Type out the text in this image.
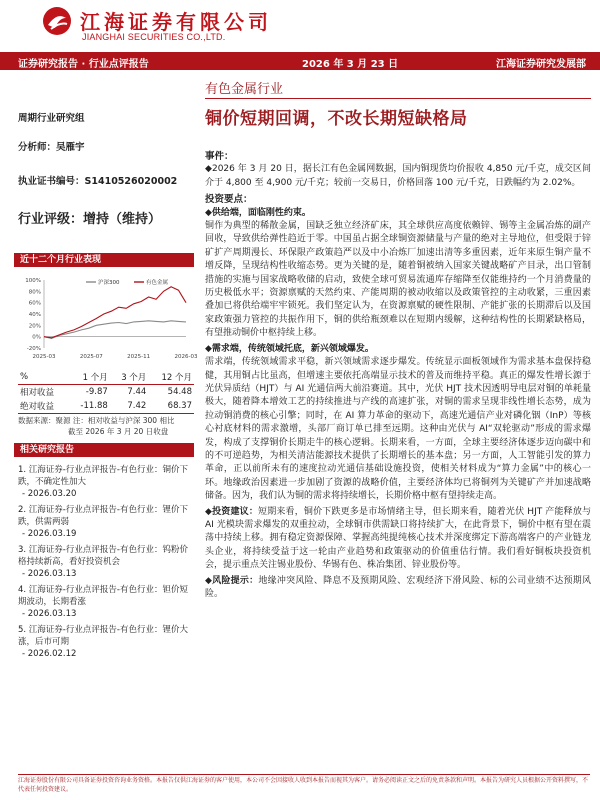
江海证券有限公司
JIANGHAI SECURITIES CO.,LTD.
证券研究报告 · 行业点评报告	2026 年 3 月 23 日	江海证券研究发展部
有色金属行业
铜价短期回调，不改长期短缺格局
周期行业研究组
分析师：吴雁宇
执业证书编号：S1410526020002
行业评级：增持（维持）
近十二个月行业表现
100%
80%
60%
40%
20%
0%
-20%
2025-03	2025-07	2025-11	2026-03
沪深300	有色金属
%	1 个月	3 个月	12 个月
相对收益	-9.87	7.44	54.48
绝对收益	-11.88	7.42	68.37
数据来源：聚源 注：相对收益与沪深 300 相比
截至 2026 年 3 月 20 日收盘
相关研究报告
1. 江海证券-行业点评报告-有色行业：铜价下跌，不确定性加大
- 2026.03.20
2. 江海证券-行业点评报告-有色行业：锂价下跌，供需两弱
- 2026.03.19
3. 江海证券-行业点评报告-有色行业：钨粉价格持续新高，看好投资机会
- 2026.03.13
4. 江海证券-行业点评报告-有色行业：钽价短期波动，长期看涨
- 2026.03.13
5. 江海证券-行业点评报告-有色行业：锂价大涨，后市可期
- 2026.02.12
事件：
◆2026 年 3 月 20 日，据长江有色金属网数据，国内铜现货均价报收 4,850 元/千克，成交区间介于 4,800 至 4,900 元/千克；较前一交易日，价格回落 100 元/千克，日跌幅约为 2.02%。
投资要点：
◆供给端，面临刚性约束。
铜作为典型的稀散金属，国缺乏独立经济矿床，其全球供应高度依赖锌、锡等主金属冶炼的副产回收，导致供给弹性趋近于零。中国虽占据全球铜资源储量与产量的绝对主导地位，但受限于锌矿扩产周期漫长、环保限产政策趋严以及中小冶炼厂加速出清等多重因素，近年来原生铜产量不增反降，呈现结构性收缩态势。更为关键的是，随着铜被纳入国家关键战略矿产目录，出口管制措施的实施与国家战略收储的启动，致使全球可贸易流通库存缩降至仅能维持约一个月消费量的历史极低水平；资源禀赋的天然约束、产能周期的被动收缩以及政策管控的主动收紧，三重因素叠加已将供给端牢牢锁死。我们坚定认为，在资源禀赋的硬性限制、产能扩张的长期滞后以及国家政策强力管控的共振作用下，铜的供给瓶颈难以在短期内缓解，这种结构性的长期紧缺格局，有望推动铜价中枢持续上移。
◆需求端，传统领域托底，新兴领域爆发。
需求端，传统领域需求平稳，新兴领域需求逐步爆发。传统显示面板领域作为需求基本盘保持稳健，其用铜占比虽高，但增速主要依托高端显示技术的普及而维持平稳。真正的爆发性增长源于光伏异质结（HJT）与 AI 光通信两大前沿赛道。其中，光伏 HJT 技术因透明导电层对铜的单耗量极大，随着降本增效工艺的持续推进与产线的高速扩张，对铜的需求呈现非线性增长态势，成为拉动铜消费的核心引擎；同时，在 AI 算力革命的驱动下，高速光通信产业对磷化铟（InP）等核心衬底材料的需求激增，头部厂商订单已排至远期。这种由光伏与 AI“双轮驱动”形成的需求爆发，构成了支撑铜价长期走牛的核心逻辑。长期来看，一方面，全球主要经济体逐步迈向碳中和的不可逆趋势，为相关清洁能源技术提供了长期增长的基本盘；另一方面，人工智能引发的算力革命，正以前所未有的速度拉动光通信基础设施投资，使相关材料成为“算力金属”中的核心一环。地缘政治因素进一步加剧了资源的战略价值，主要经济体均已将铜列为关键矿产并加速战略储备。因为，我们认为铜的需求将持续增长，长期价格中枢有望持续走高。
◆投资建议：短期来看，铜价下跌更多是市场情绪主导，但长期来看，随着光伏 HJT 产能释放与 AI 光模块需求爆发的双重拉动，全球铜市供需缺口将持续扩大，在此背景下，铜价中枢有望在震荡中持续上移。拥有稳定资源保障、掌握高纯提纯核心技术并深度绑定下游高端客户的产业链龙头企业，将持续受益于这一轮由产业趋势和政策驱动的价值重估行情。我们看好铜板块投资机会，提示重点关注锡业股份、华锡有色、株冶集团、锌业股份等。
◆风险提示：地缘冲突风险、降息不及预期风险、宏观经济下滑风险、标的公司业绩不达预期风险。
江海证券股份有限公司具备证券投资咨询业务资格。本报告仅供江海证券的客户使用，本公司不会因接收人收到本报告而视其为客户。请务必阅读正文之后的免责条款和声明。本报告为研究人员根据公开资料撰写，不代表任何投资建议。
